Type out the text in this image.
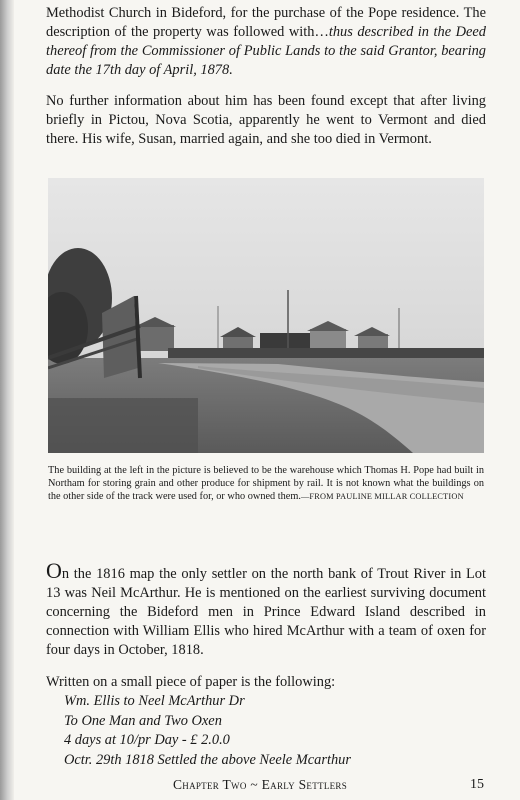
Methodist Church in Bideford, for the purchase of the Pope residence. The description of the property was followed with…thus described in the Deed thereof from the Commissioner of Public Lands to the said Grantor, bearing date the 17th day of April, 1878.

No further information about him has been found except that after living briefly in Pictou, Nova Scotia, apparently he went to Vermont and died there. His wife, Susan, married again, and she too died in Vermont.

The building at the left in the picture is believed to be the warehouse which Thomas H. Pope had built in Northam for storing grain and other produce for shipment by rail. It is not known what the buildings on the other side of the track were used for, or who owned them.—FROM PAULINE MILLAR COLLECTION

On the 1816 map the only settler on the north bank of Trout River in Lot 13 was Neil McArthur. He is mentioned on the earliest surviving document concerning the Bideford men in Prince Edward Island described in connection with William Ellis who hired McArthur with a team of oxen for four days in October, 1818.

Written on a small piece of paper is the following:

Wm. Ellis to Neel McArthur Dr
To One Man and Two Oxen
4 days at 10/pr Day - £ 2.0.0
Octr. 29th 1818 Settled the above Neele Mcarthur
Chapter Two ~ Early Settlers	15
